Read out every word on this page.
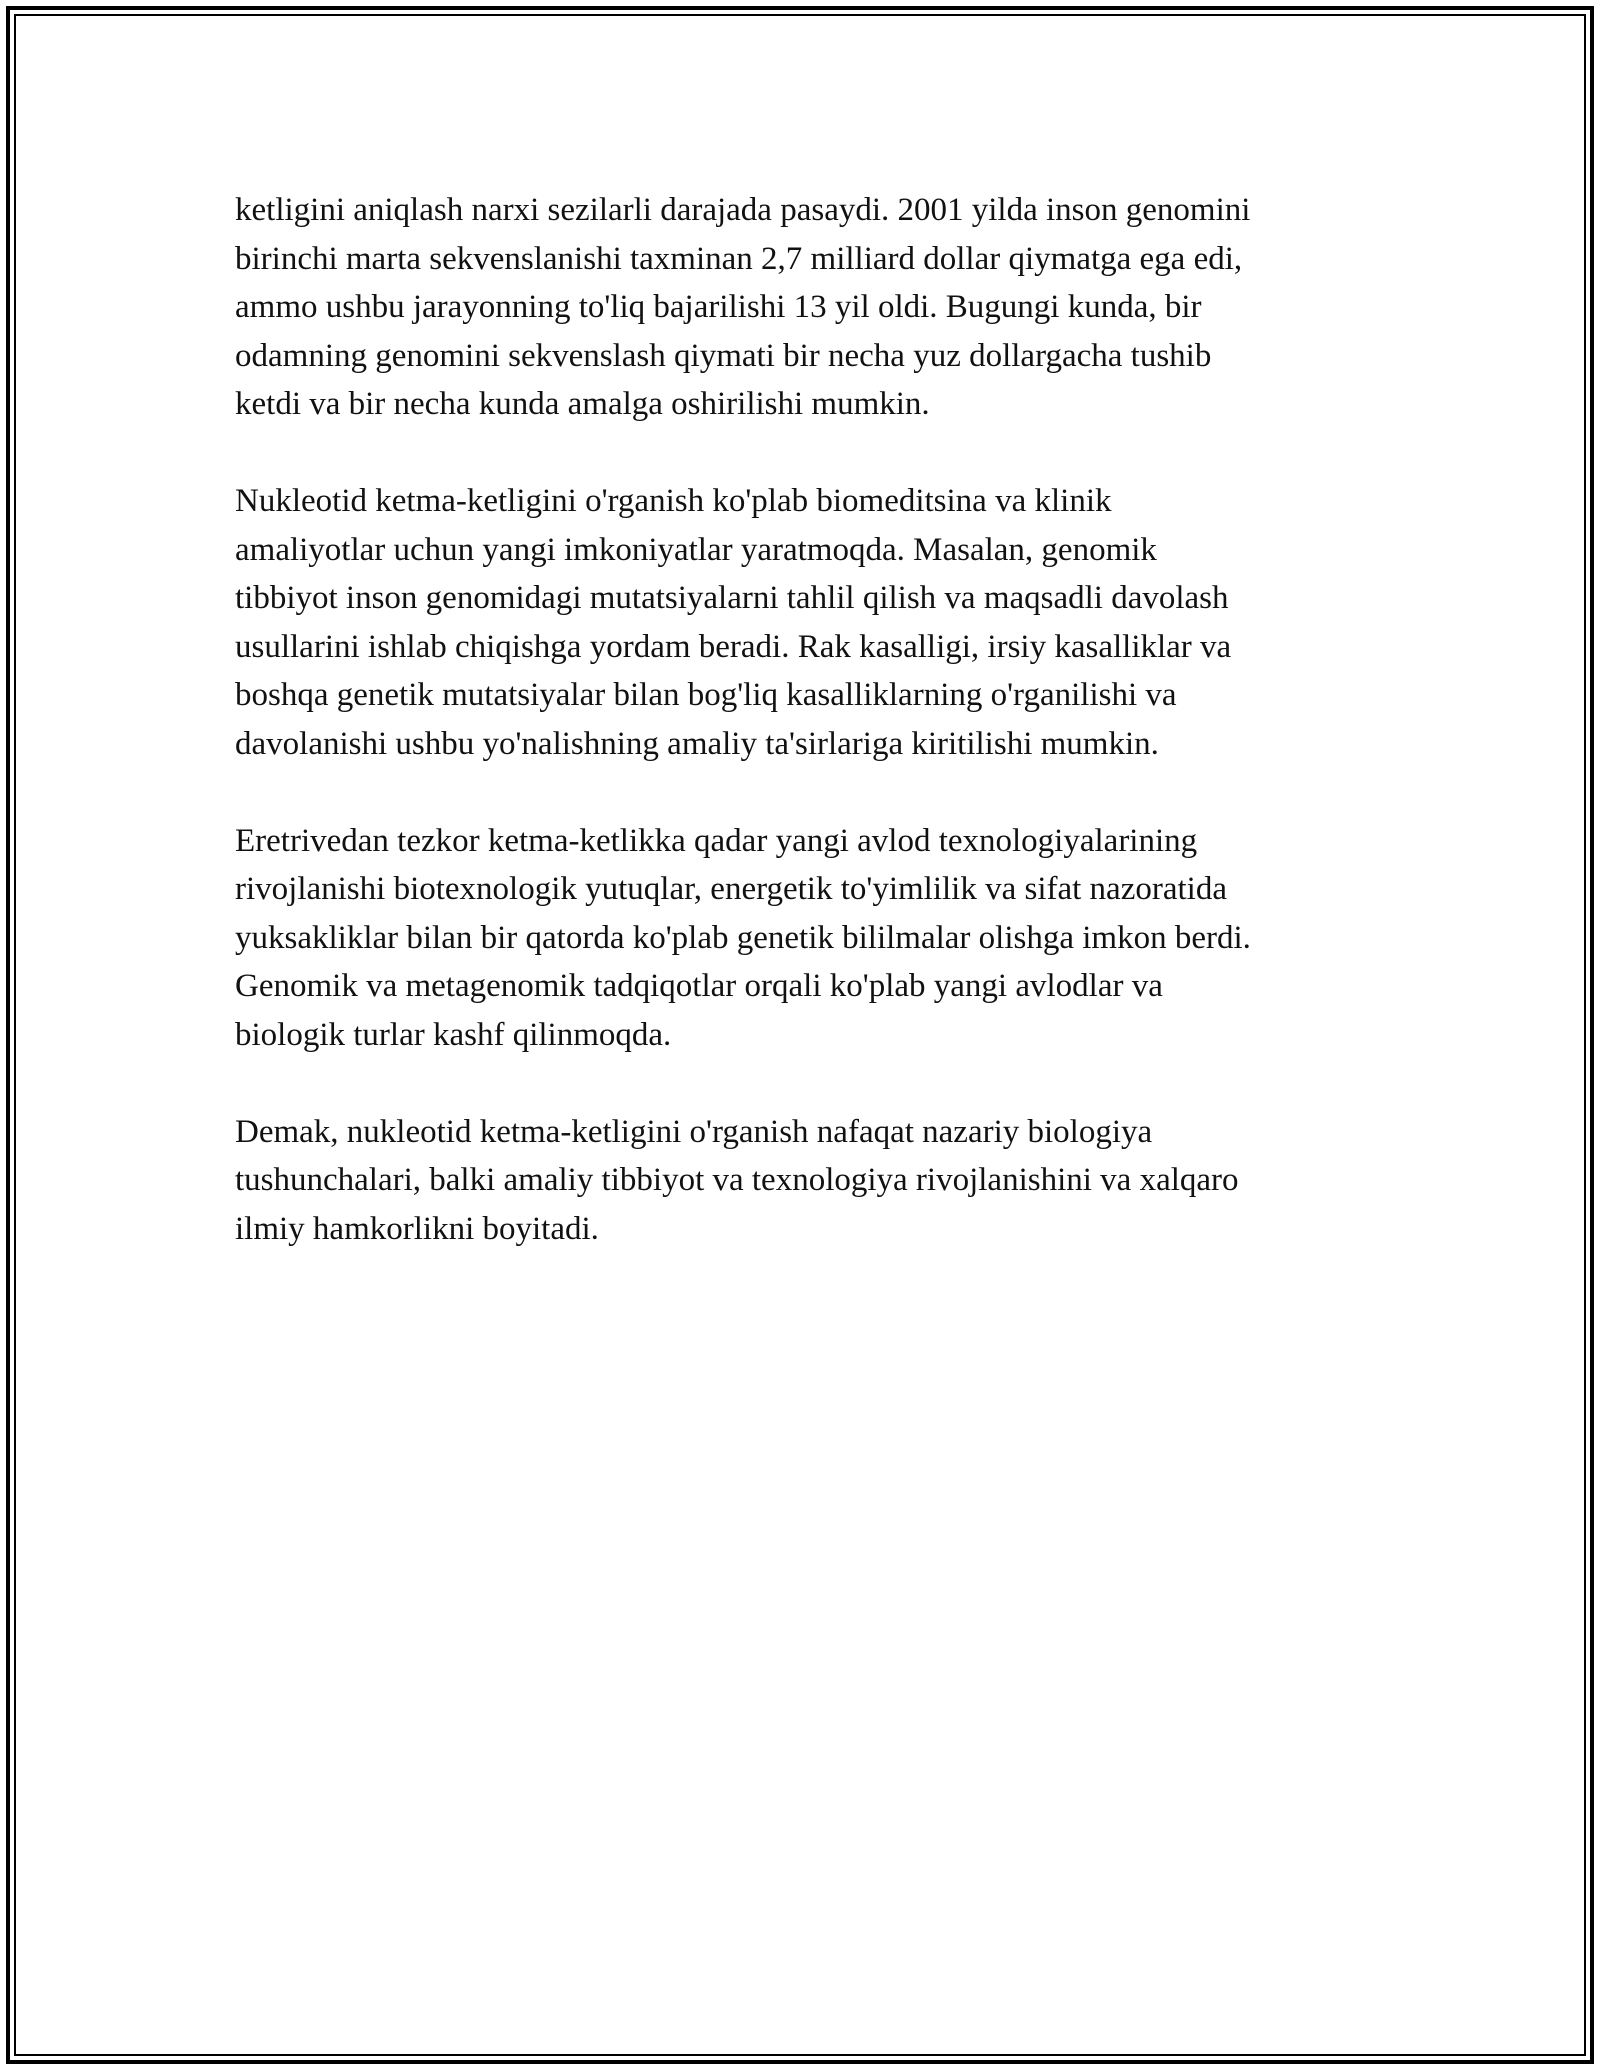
ketligini aniqlash narxi sezilarli darajada pasaydi. 2001 yilda inson genomini
birinchi marta sekvenslanishi taxminan 2,7 milliard dollar qiymatga ega edi,
ammo ushbu jarayonning to'liq bajarilishi 13 yil oldi. Bugungi kunda, bir
odamning genomini sekvenslash qiymati bir necha yuz dollargacha tushib
ketdi va bir necha kunda amalga oshirilishi mumkin.

Nukleotid ketma-ketligini o'rganish ko'plab biomeditsina va klinik
amaliyotlar uchun yangi imkoniyatlar yaratmoqda. Masalan, genomik
tibbiyot inson genomidagi mutatsiyalarni tahlil qilish va maqsadli davolash
usullarini ishlab chiqishga yordam beradi. Rak kasalligi, irsiy kasalliklar va
boshqa genetik mutatsiyalar bilan bog'liq kasalliklarning o'rganilishi va
davolanishi ushbu yo'nalishning amaliy ta'sirlariga kiritilishi mumkin.

Eretrivedan tezkor ketma-ketlikka qadar yangi avlod texnologiyalarining
rivojlanishi biotexnologik yutuqlar, energetik to'yimlilik va sifat nazoratida
yuksakliklar bilan bir qatorda ko'plab genetik bililmalar olishga imkon berdi.
Genomik va metagenomik tadqiqotlar orqali ko'plab yangi avlodlar va
biologik turlar kashf qilinmoqda.

Demak, nukleotid ketma-ketligini o'rganish nafaqat nazariy biologiya
tushunchalari, balki amaliy tibbiyot va texnologiya rivojlanishini va xalqaro
ilmiy hamkorlikni boyitadi.
